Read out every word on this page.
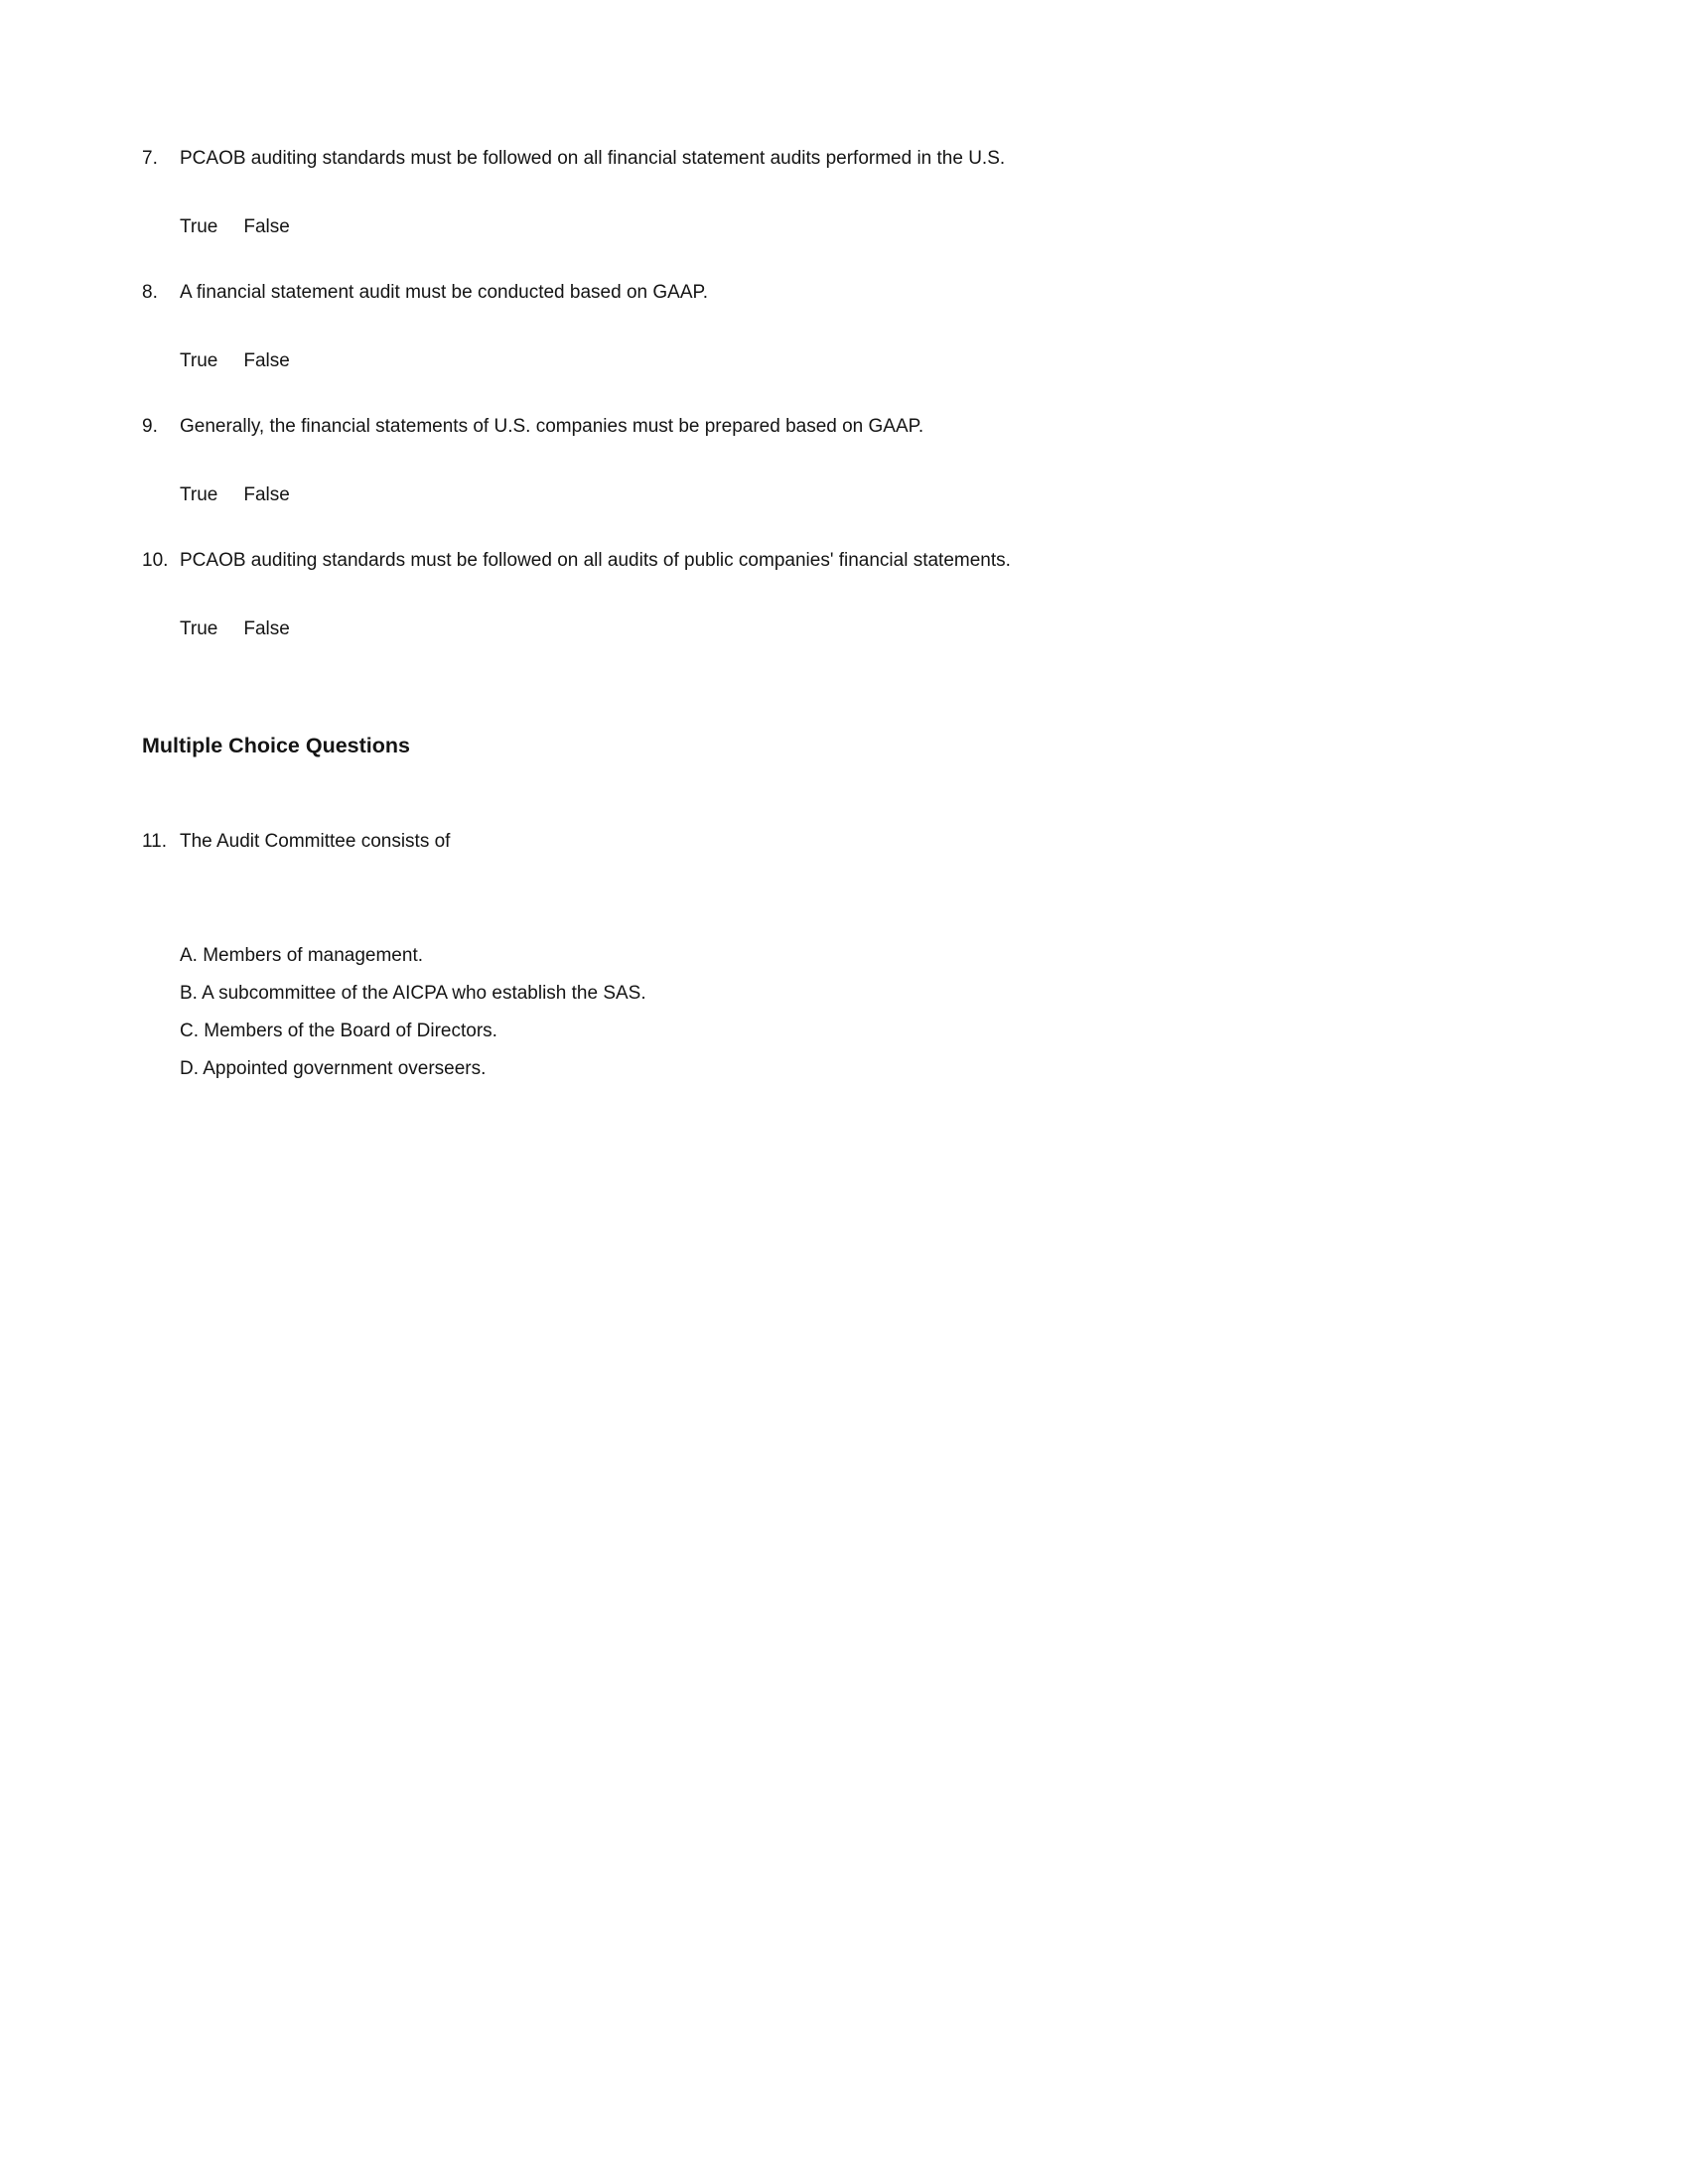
7.	PCAOB auditing standards must be followed on all financial statement audits performed in the U.S.
True False
8.	A financial statement audit must be conducted based on GAAP.
True False
9.	Generally, the financial statements of U.S. companies must be prepared based on GAAP.
True False
10. PCAOB auditing standards must be followed on all audits of public companies' financial statements.
True False
Multiple Choice Questions
11. The Audit Committee consists of
A. Members of management.
B. A subcommittee of the AICPA who establish the SAS.
C. Members of the Board of Directors.
D. Appointed government overseers.
